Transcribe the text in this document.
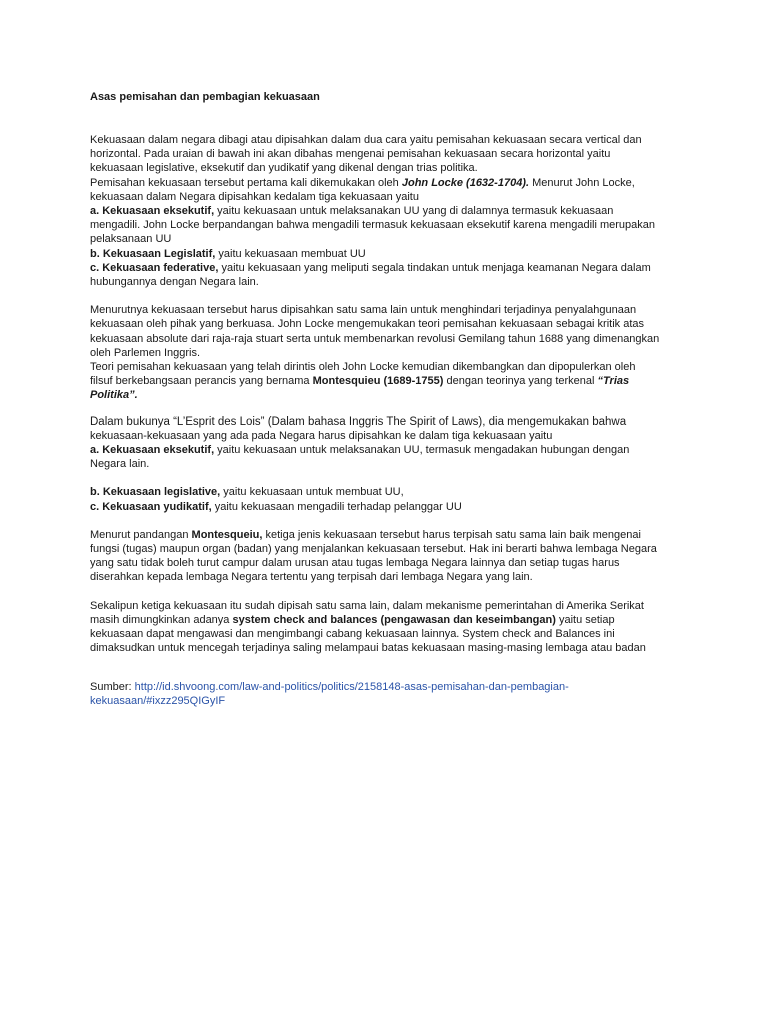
Asas pemisahan dan pembagian kekuasaan

Kekuasaan dalam negara dibagi atau dipisahkan dalam dua cara yaitu pemisahan kekuasaan secara vertical dan
horizontal. Pada uraian di bawah ini akan dibahas mengenai pemisahan kekuasaan secara horizontal yaitu
kekuasaan legislative, eksekutif dan yudikatif yang dikenal dengan trias politika.
Pemisahan kekuasaan tersebut pertama kali dikemukakan oleh John Locke (1632-1704). Menurut John Locke,
kekuasaan dalam Negara dipisahkan kedalam tiga kekuasaan yaitu
a. Kekuasaan eksekutif, yaitu kekuasaan untuk melaksanakan UU yang di dalamnya termasuk kekuasaan
mengadili. John Locke berpandangan bahwa mengadili termasuk kekuasaan eksekutif karena mengadili merupakan
pelaksanaan UU
b. Kekuasaan Legislatif, yaitu kekuasaan membuat UU
c. Kekuasaan federative, yaitu kekuasaan yang meliputi segala tindakan untuk menjaga keamanan Negara dalam
hubungannya dengan Negara lain.

Menurutnya kekuasaan tersebut harus dipisahkan satu sama lain untuk menghindari terjadinya penyalahgunaan
kekuasaan oleh pihak yang berkuasa. John Locke mengemukakan teori pemisahan kekuasaan sebagai kritik atas
kekuasaan absolute dari raja-raja stuart serta untuk membenarkan revolusi Gemilang tahun 1688 yang dimenangkan
oleh Parlemen Inggris.
Teori pemisahan kekuasaan yang telah dirintis oleh John Locke kemudian dikembangkan dan dipopulerkan oleh
filsuf berkebangsaan perancis yang bernama Montesquieu (1689-1755) dengan teorinya yang terkenal “Trias
Politika”.

Dalam bukunya “L’Esprit des Lois” (Dalam bahasa Inggris The Spirit of Laws), dia mengemukakan bahwa
kekuasaan-kekuasaan yang ada pada Negara harus dipisahkan ke dalam tiga kekuasaan yaitu
a. Kekuasaan eksekutif, yaitu kekuasaan untuk melaksanakan UU, termasuk mengadakan hubungan dengan
Negara lain.

b. Kekuasaan legislative, yaitu kekuasaan untuk membuat UU,
c. Kekuasaan yudikatif, yaitu kekuasaan mengadili terhadap pelanggar UU

Menurut pandangan Montesqueiu, ketiga jenis kekuasaan tersebut harus terpisah satu sama lain baik mengenai
fungsi (tugas) maupun organ (badan) yang menjalankan kekuasaan tersebut. Hak ini berarti bahwa lembaga Negara
yang satu tidak boleh turut campur dalam urusan atau tugas lembaga Negara lainnya dan setiap tugas harus
diserahkan kepada lembaga Negara tertentu yang terpisah dari lembaga Negara yang lain.

Sekalipun ketiga kekuasaan itu sudah dipisah satu sama lain, dalam mekanisme pemerintahan di Amerika Serikat
masih dimungkinkan adanya system check and balances (pengawasan dan keseimbangan) yaitu setiap
kekuasaan dapat mengawasi dan mengimbangi cabang kekuasaan lainnya. System check and Balances ini
dimaksudkan untuk mencegah terjadinya saling melampaui batas kekuasaan masing-masing lembaga atau badan

Sumber: http://id.shvoong.com/law-and-politics/politics/2158148-asas-pemisahan-dan-pembagian-
kekuasaan/#ixzz295QIGyIF
